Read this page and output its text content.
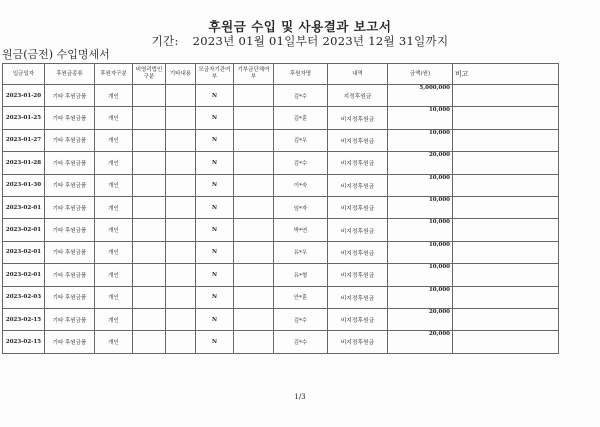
후원금 수입 및 사용결과 보고서
기간: 2023년 01월 01일부터 2023년 12월 31일까지
원금(금전) 수입명세서
입금일자	후원금종류	후원자구분	비영리법인구분	기타내용	모금자기관여부	기부금단체여부	후원자명	내역	금액(원)	비고
2023-01-20	기타 후원금품	개인			N		김*수	지정후원금	5,000,000	
2023-01-25	기타 후원금품	개인			N		김*훈	비지정후원금	10,000	
2023-01-27	기타 후원금품	개인			N		김*우	비지정후원금	10,000	
2023-01-28	기타 후원금품	개인			N		김*수	비지정후원금	20,000	
2023-01-30	기타 후원금품	개인			N		이*숙	비지정후원금	10,000	
2023-02-01	기타 후원금품	개인			N		임*자	비지정후원금	10,000	
2023-02-01	기타 후원금품	개인			N		박*연	비지정후원금	10,000	
2023-02-01	기타 후원금품	개인			N		유*우	비지정후원금	10,000	
2023-02-01	기타 후원금품	개인			N		유*형	비지정후원금	10,000	
2023-02-03	기타 후원금품	개인			N		안*훈	비지정후원금	10,000	
2023-02-15	기타 후원금품	개인			N		김*수	비지정후원금	20,000	
2023-02-15	기타 후원금품	개인			N		김*수	비지정후원금	20,000	
1/3
